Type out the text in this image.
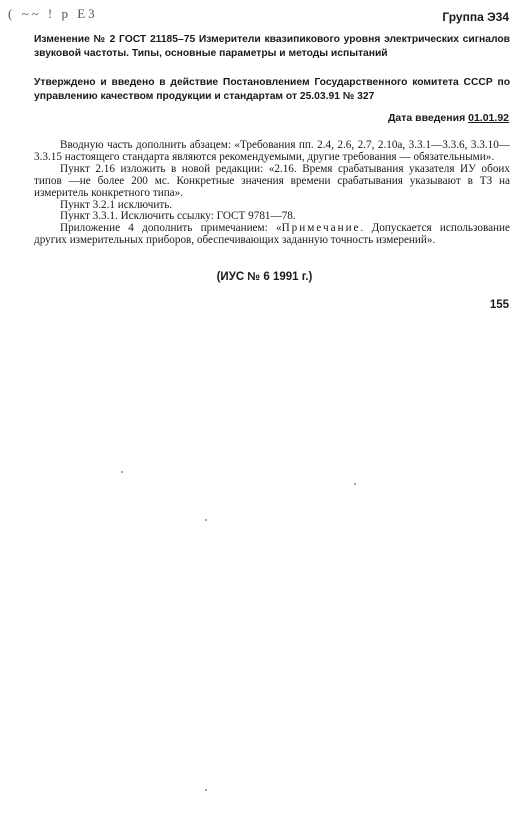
( ~~ ! р Е3	Группа Э34
Изменение № 2 ГОСТ 21185–75 Измерители квазипикового уровня электрических сигналов звуковой частоты. Типы, основные параметры и методы испытаний
Утверждено и введено в действие Постановлением Государственного комитета СССР по управлению качеством продукции и стандартам от 25.03.91 № 327
Дата введения 01.01.92

Вводную часть дополнить абзацем: «Требования пп. 2.4, 2.6, 2.7, 2.10а, 3.3.1—3.3.6, 3.3.10—3.3.15 настоящего стандарта являются рекомендуемыми, другие требования — обязательными».

Пункт 2.16 изложить в новой редакции: «2.16. Время срабатывания указателя ИУ обоих типов —не более 200 мс. Конкретные значения времени срабатывания указывают в ТЗ на измеритель конкретного типа».

Пункт 3.2.1 исключить.

Пункт 3.3.1. Исключить ссылку: ГОСТ 9781—78.

Приложение 4 дополнить примечанием: «Примечание. Допускается использование других измерительных приборов, обеспечивающих заданную точность измерений».

(ИУС № 6 1991 г.)
155
